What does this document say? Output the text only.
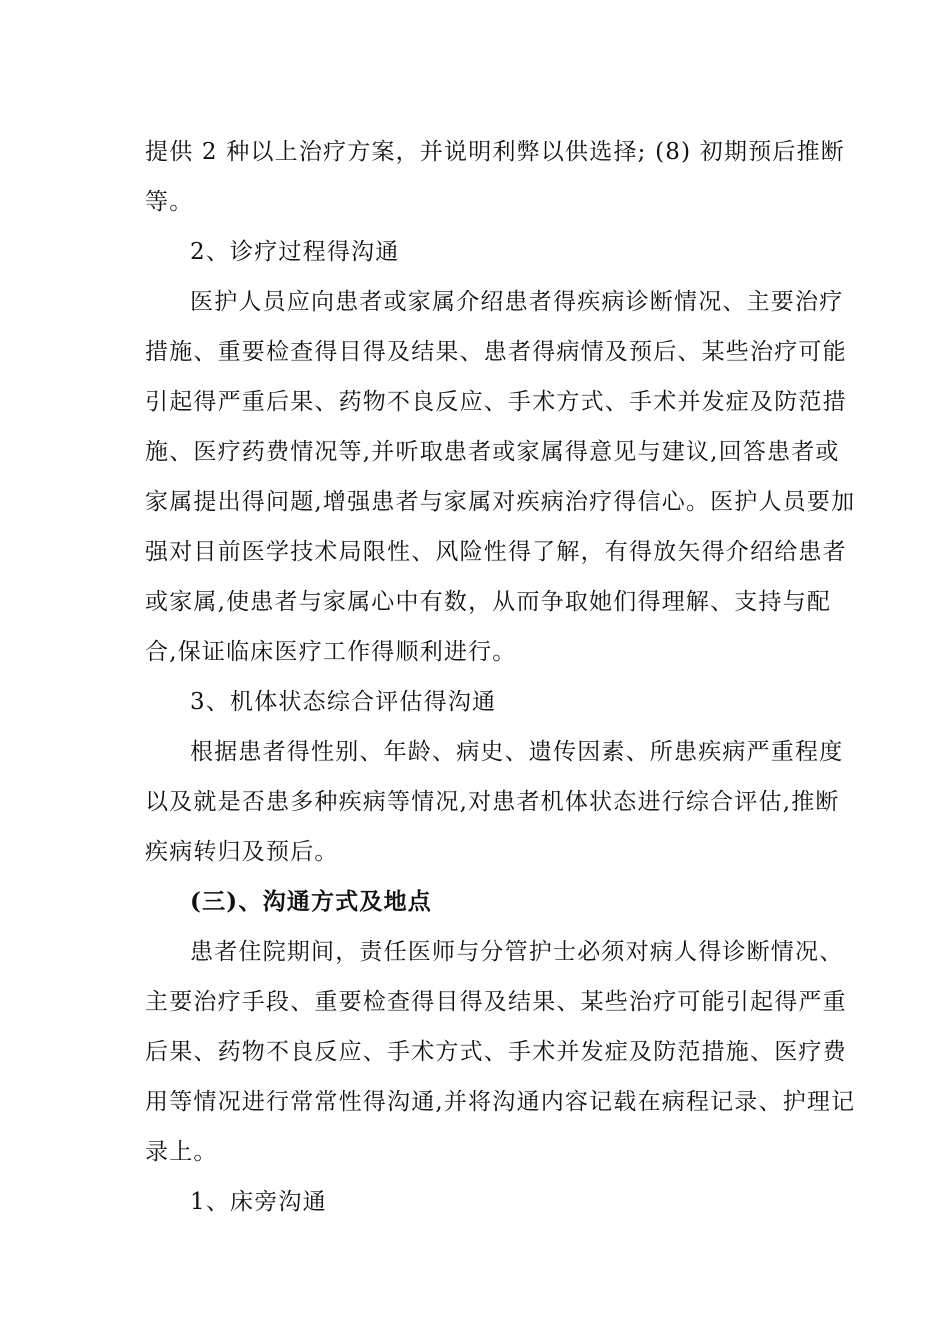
提供 2 种以上治疗方案，并说明利弊以供选择; (8) 初期预后推断
等。
2、诊疗过程得沟通
医护人员应向患者或家属介绍患者得疾病诊断情况、主要治疗
措施、重要检查得目得及结果、患者得病情及预后、某些治疗可能
引起得严重后果、药物不良反应、手术方式、手术并发症及防范措
施、医疗药费情况等,并听取患者或家属得意见与建议,回答患者或
家属提出得问题,增强患者与家属对疾病治疗得信心。医护人员要加
强对目前医学技术局限性、风险性得了解，有得放矢得介绍给患者
或家属,使患者与家属心中有数，从而争取她们得理解、支持与配
合,保证临床医疗工作得顺利进行。
3、机体状态综合评估得沟通
根据患者得性别、年龄、病史、遗传因素、所患疾病严重程度
以及就是否患多种疾病等情况,对患者机体状态进行综合评估,推断
疾病转归及预后。
(三)、沟通方式及地点
患者住院期间，责任医师与分管护士必须对病人得诊断情况、
主要治疗手段、重要检查得目得及结果、某些治疗可能引起得严重
后果、药物不良反应、手术方式、手术并发症及防范措施、医疗费
用等情况进行常常性得沟通,并将沟通内容记载在病程记录、护理记
录上。
1、床旁沟通
